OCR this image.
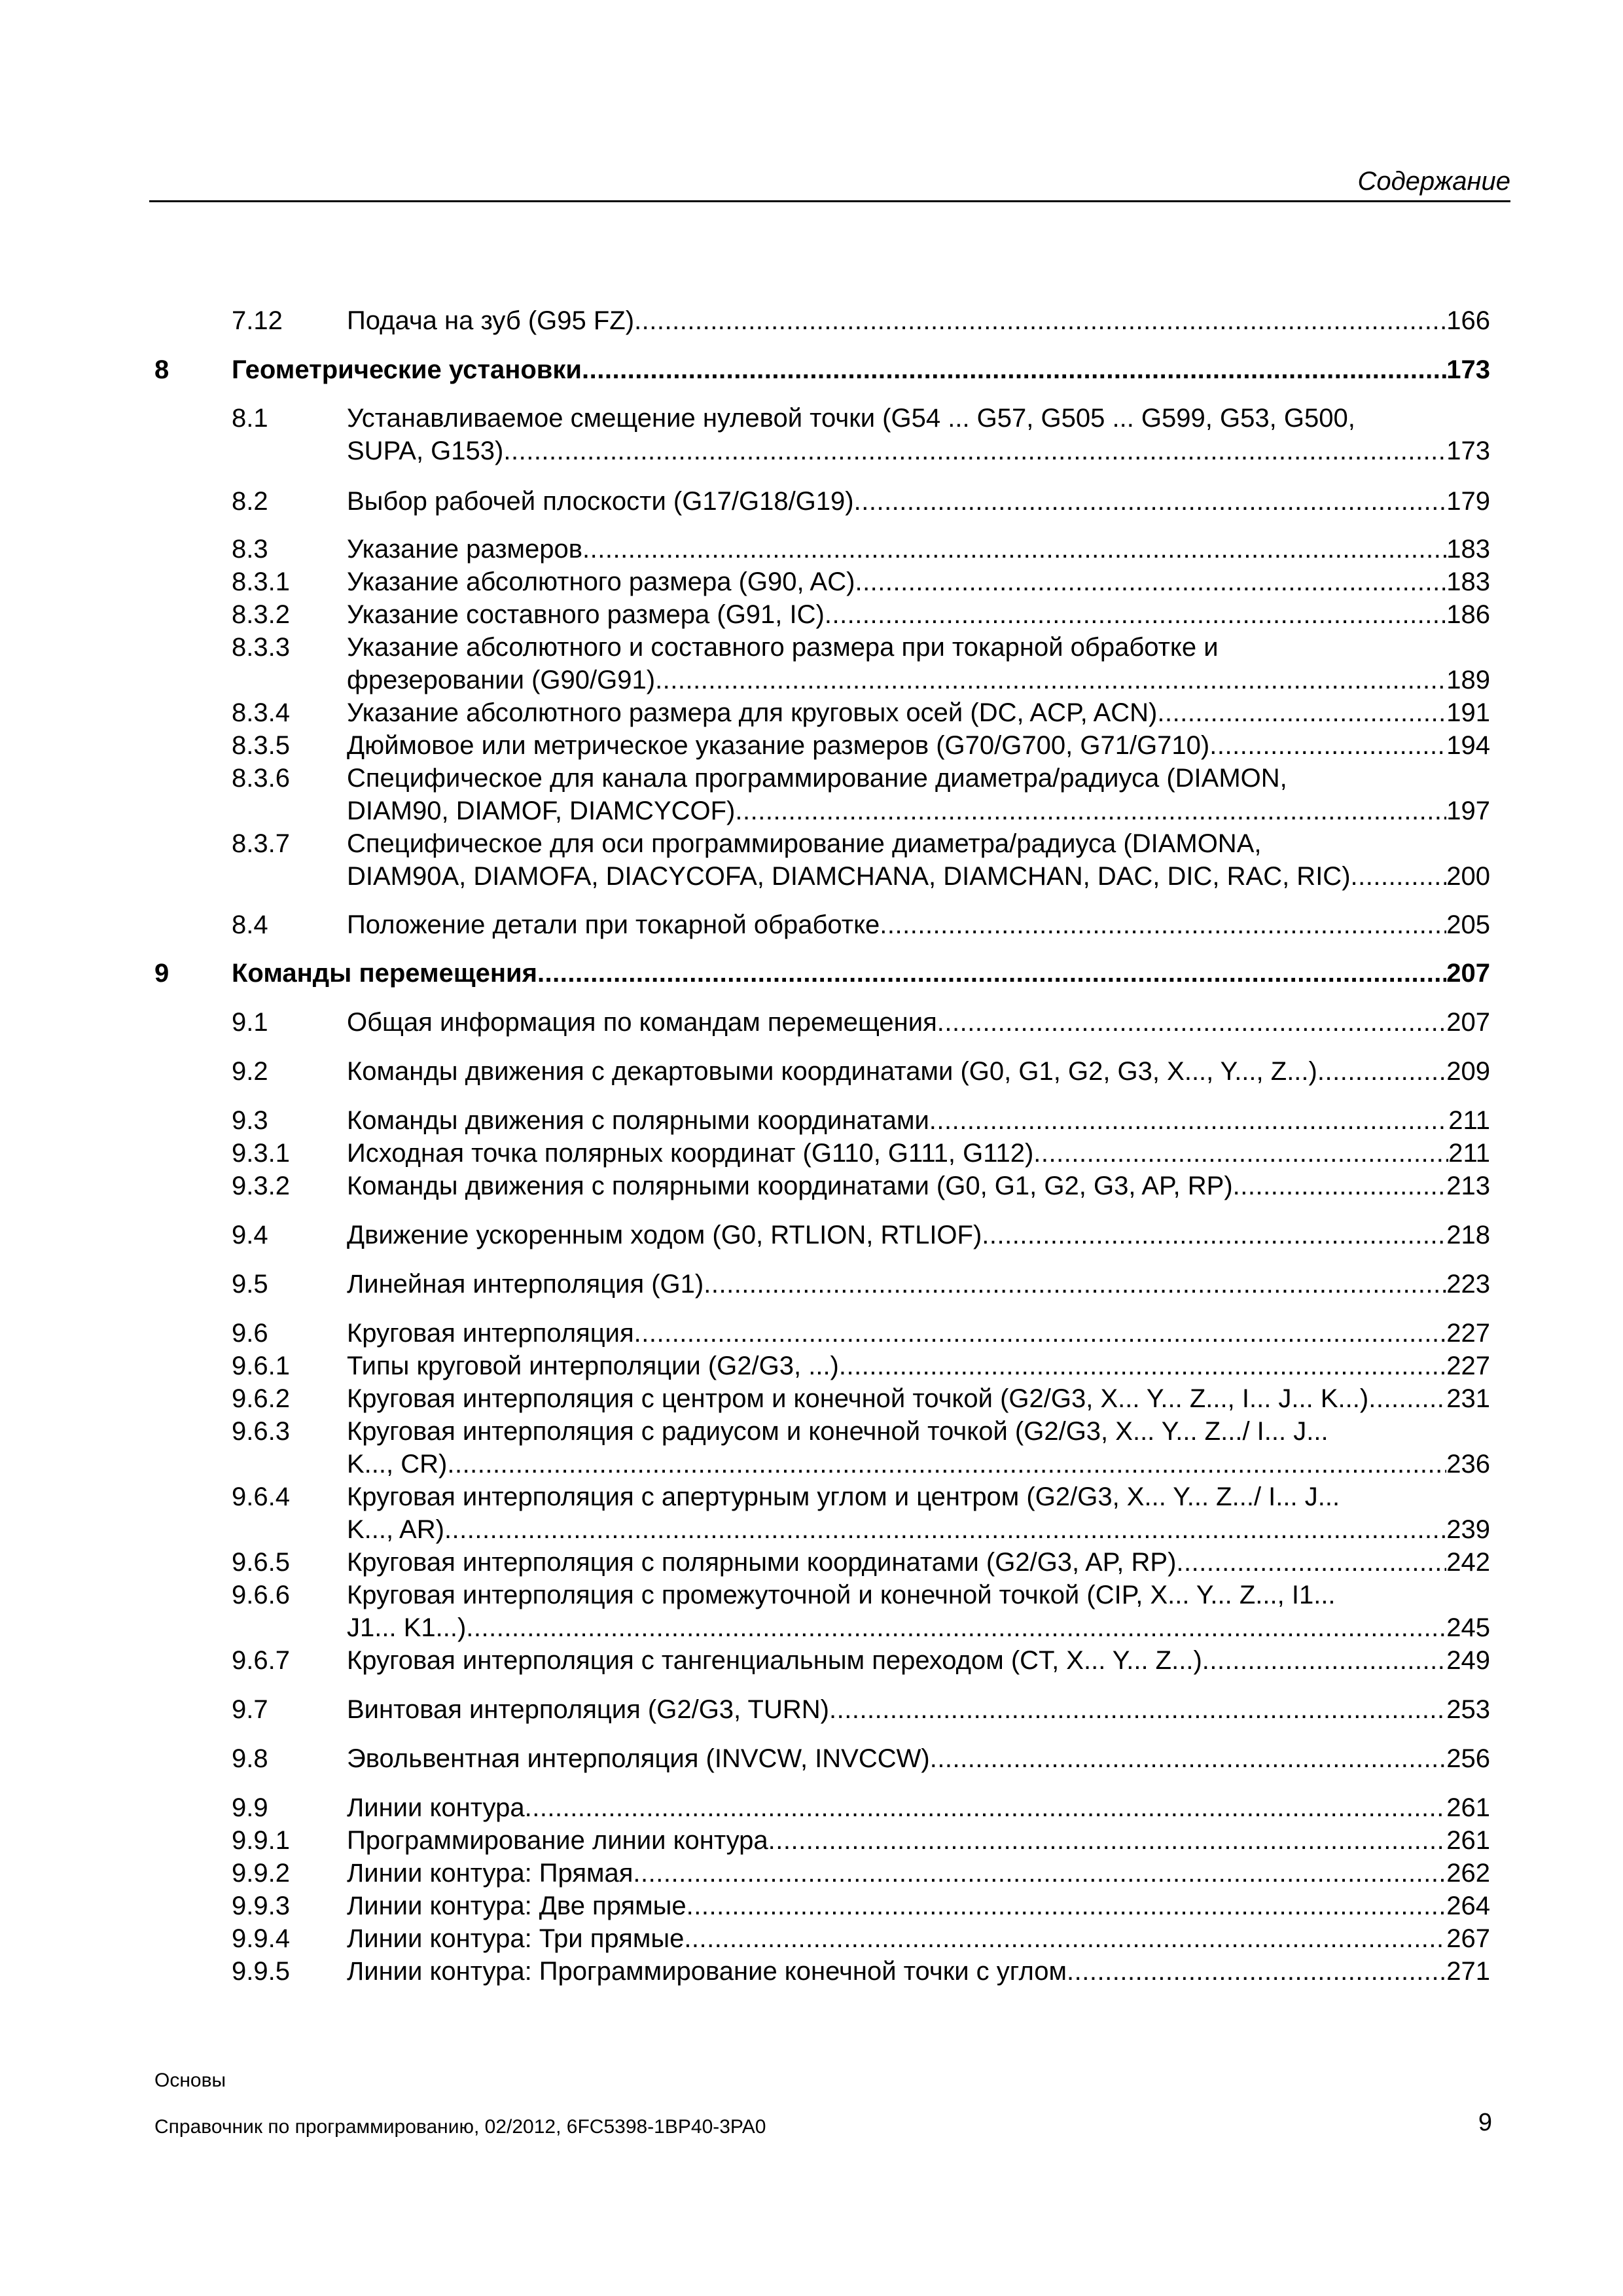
Содержание
7.12 Подача на зуб (G95 FZ) .....	166
8 Геометрические установки .....	173
8.1	Устанавливаемое смещение нулевой точки (G54 ... G57, G505 ... G599, G53, G500,
SUPA, G153) .....	173
8.2	Выбор рабочей плоскости (G17/G18/G19) .....	179
8.3	Указание размеров .....	183
8.3.1 Указание абсолютного размера (G90, AC) .....	183
8.3.2 Указание составного размера (G91, IC) .....	186
8.3.3 Указание абсолютного и составного размера при токарной обработке и
фрезеровании (G90/G91) .....	189
8.3.4 Указание абсолютного размера для круговых осей (DC, ACP, ACN) .....	191
8.3.5 Дюймовое или метрическое указание размеров (G70/G700, G71/G710) .....	194
8.3.6 Специфическое для канала программирование диаметра/радиуса (DIAMON,
DIAM90, DIAMOF, DIAMCYCOF) .....	197
8.3.7 Специфическое для оси программирование диаметра/радиуса (DIAMONA,
DIAM90A, DIAMOFA, DIACYCOFA, DIAMCHANA, DIAMCHAN, DAC, DIC, RAC, RIC) .....	200
8.4	Положение детали при токарной обработке .....	205
9 Команды перемещения .....	207
9.1	Общая информация по командам перемещения .....	207
9.2	Команды движения с декартовыми координатами (G0, G1, G2, G3, X..., Y..., Z...) .....	209
9.3	Команды движения с полярными координатами .....	211
9.3.1 Исходная точка полярных координат (G110, G111, G112) .....	211
9.3.2 Команды движения с полярными координатами (G0, G1, G2, G3, AP, RP) .....	213
9.4	Движение ускоренным ходом (G0, RTLION, RTLIOF) .....	218
9.5	Линейная интерполяция (G1) .....	223
9.6	Круговая интерполяция .....	227
9.6.1 Типы круговой интерполяции (G2/G3, ...) .....	227
9.6.2 Круговая интерполяция с центром и конечной точкой (G2/G3, X... Y... Z..., I... J... K...) .....	231
9.6.3 Круговая интерполяция с радиусом и конечной точкой (G2/G3, X... Y... Z.../ I... J...
K..., CR) .....	236
9.6.4 Круговая интерполяция с апертурным углом и центром (G2/G3, X... Y... Z.../ I... J...
K..., AR) .....	239
9.6.5 Круговая интерполяция с полярными координатами (G2/G3, AP, RP) .....	242
9.6.6 Круговая интерполяция с промежуточной и конечной точкой (CIP, X... Y... Z..., I1...
J1... K1...) .....	245
9.6.7 Круговая интерполяция с тангенциальным переходом (CT, X... Y... Z...) .....	249
9.7	Винтовая интерполяция (G2/G3, TURN) .....	253
9.8	Эвольвентная интерполяция (INVCW, INVCCW) .....	256
9.9	Линии контура .....	261
9.9.1 Программирование линии контура .....	261
9.9.2 Линии контура: Прямая .....	262
9.9.3 Линии контура: Две прямые .....	264
9.9.4 Линии контура: Три прямые .....	267
9.9.5 Линии контура: Программирование конечной точки с углом .....	271
Основы
Справочник по программированию, 02/2012, 6FC5398-1BP40-3PA0	9
